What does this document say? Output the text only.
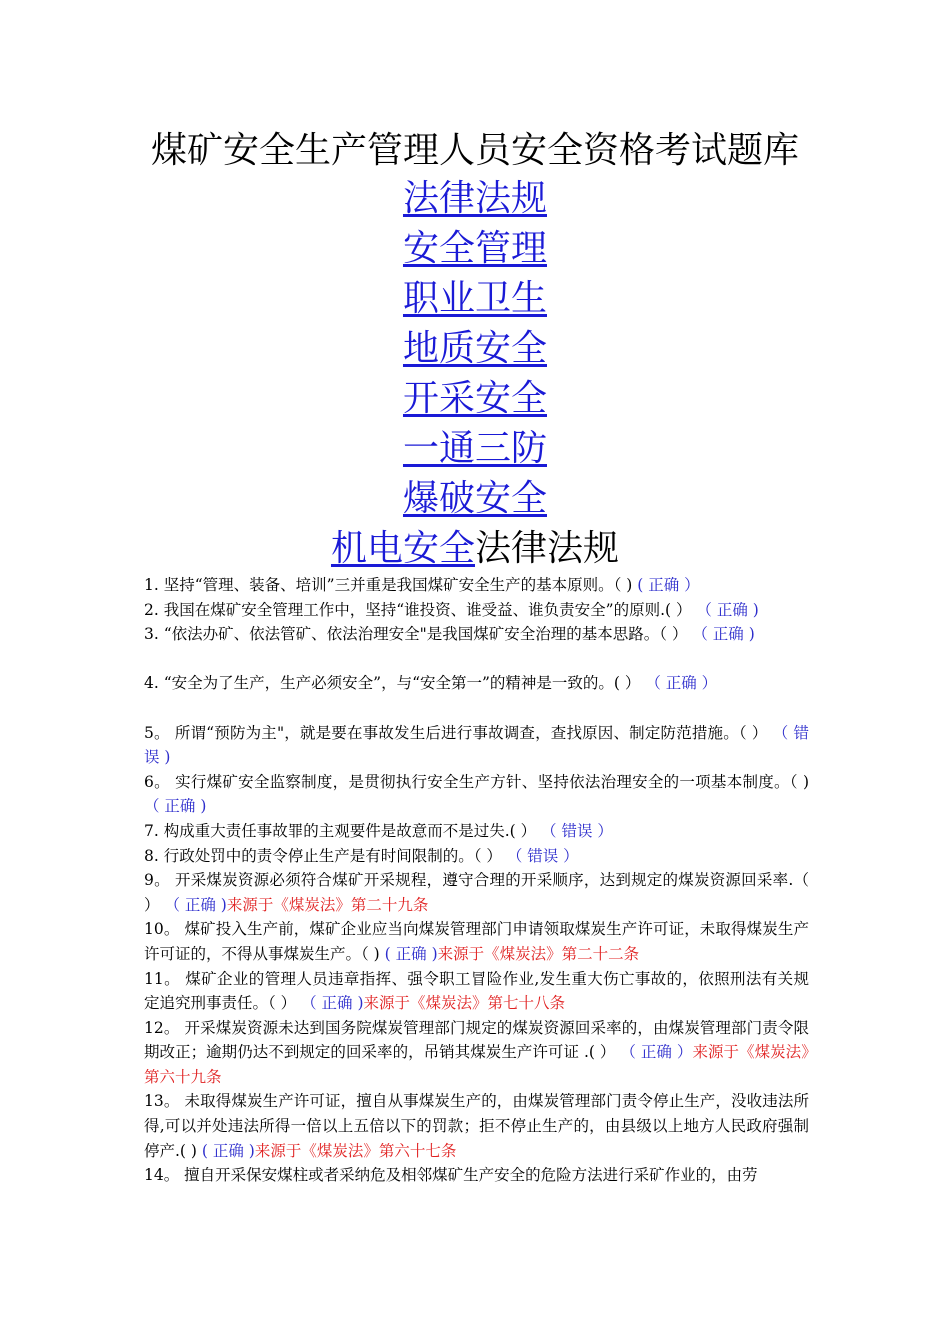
煤矿安全生产管理人员安全资格考试题库
法律法规
安全管理
职业卫生
地质安全
开采安全
一通三防
爆破安全
机电安全法律法规

1. 坚持“管理、装备、培训”三并重是我国煤矿安全生产的基本原则。（ ) ( 正确 ）

2. 我国在煤矿安全管理工作中，坚持“谁投资、谁受益、谁负责安全”的原则.( ） （ 正确 )

3. “依法办矿、依法管矿、依法治理安全"是我国煤矿安全治理的基本思路。（ ） （ 正确 )

4. “安全为了生产，生产必须安全”，与“安全第一”的精神是一致的。( ） （ 正确 ）

5。 所谓“预防为主"，就是要在事故发生后进行事故调查，查找原因、制定防范措施。（ ） （ 错误 )

6。 实行煤矿安全监察制度，是贯彻执行安全生产方针、坚持依法治理安全的一项基本制度。（ ) （ 正确 )

7. 构成重大责任事故罪的主观要件是故意而不是过失.( ） （ 错误 ）

8. 行政处罚中的责令停止生产是有时间限制的。（ ） （ 错误 ）

9。 开采煤炭资源必须符合煤矿开采规程，遵守合理的开采顺序，达到规定的煤炭资源回采率.（ ） （ 正确 )来源于《煤炭法》第二十九条

10。 煤矿投入生产前，煤矿企业应当向煤炭管理部门申请领取煤炭生产许可证，未取得煤炭生产许可证的，不得从事煤炭生产。（ ) ( 正确 )来源于《煤炭法》第二十二条

11。 煤矿企业的管理人员违章指挥、强令职工冒险作业,发生重大伤亡事故的，依照刑法有关规定追究刑事责任。（ ） （ 正确 )来源于《煤炭法》第七十八条

12。 开采煤炭资源未达到国务院煤炭管理部门规定的煤炭资源回采率的，由煤炭管理部门责令限期改正；逾期仍达不到规定的回采率的，吊销其煤炭生产许可证 .( ） （ 正确 ）来源于《煤炭法》第六十九条

13。 未取得煤炭生产许可证，擅自从事煤炭生产的，由煤炭管理部门责令停止生产，没收违法所得,可以并处违法所得一倍以上五倍以下的罚款；拒不停止生产的，由县级以上地方人民政府强制停产.( ) ( 正确 )来源于《煤炭法》第六十七条

14。 擅自开采保安煤柱或者采纳危及相邻煤矿生产安全的危险方法进行采矿作业的，由劳
